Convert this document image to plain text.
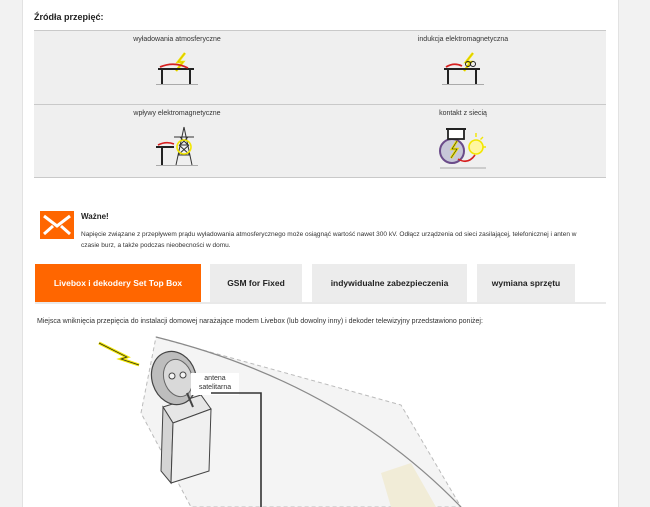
Źródła przepięć:
wyładowania atmosferyczne	indukcja elektromagnetyczna
wpływy elektromagnetyczne	kontakt z siecią
Ważne!
Napięcie związane z przepływem prądu wyładowania atmosferycznego może osiągnąć wartość nawet 300 kV. Odłącz urządzenia od sieci zasilającej, telefonicznej i anten w czasie burz, a także podczas nieobecności w domu.
Livebox i dekodery Set Top Box	GSM for Fixed	indywidualne zabezpieczenia	wymiana sprzętu
Miejsca wniknięcia przepięcia do instalacji domowej narażające modem Livebox (lub dowolny inny) i dekoder telewizyjny przedstawiono poniżej:
antena
satelitarna
